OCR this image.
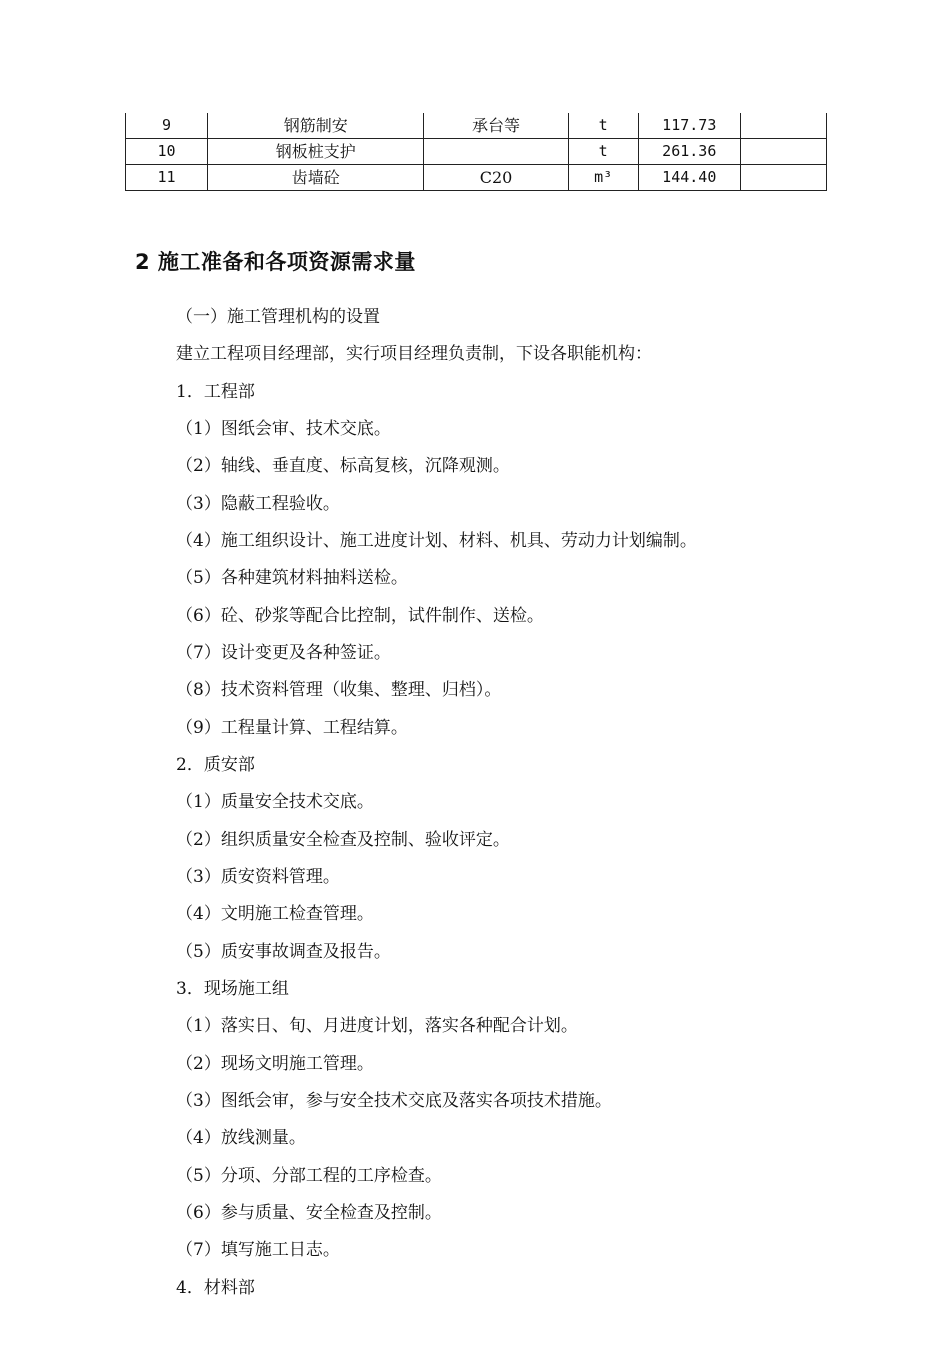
9	钢筋制安	承台等	t	117.73	
10	钢板桩支护		t	261.36	
11	齿墙砼	C20	m³	144.40	
2 施工准备和各项资源需求量
（一）施工管理机构的设置
建立工程项目经理部，实行项目经理负责制，下设各职能机构：
1．工程部
（1）图纸会审、技术交底。
（2）轴线、垂直度、标高复核，沉降观测。
（3）隐蔽工程验收。
（4）施工组织设计、施工进度计划、材料、机具、劳动力计划编制。
（5）各种建筑材料抽料送检。
（6）砼、砂浆等配合比控制，试件制作、送检。
（7）设计变更及各种签证。
（8）技术资料管理（收集、整理、归档）。
（9）工程量计算、工程结算。
2．质安部
（1）质量安全技术交底。
（2）组织质量安全检查及控制、验收评定。
（3）质安资料管理。
（4）文明施工检查管理。
（5）质安事故调查及报告。
3．现场施工组
（1）落实日、旬、月进度计划，落实各种配合计划。
（2）现场文明施工管理。
（3）图纸会审，参与安全技术交底及落实各项技术措施。
（4）放线测量。
（5）分项、分部工程的工序检查。
（6）参与质量、安全检查及控制。
（7）填写施工日志。
4．材料部
